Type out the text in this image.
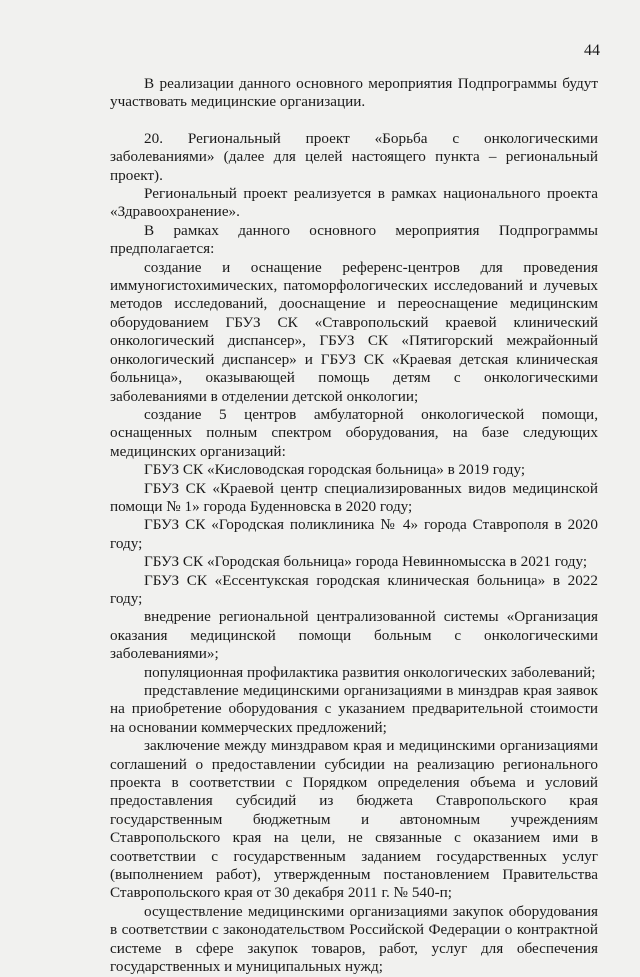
44

В реализации данного основного мероприятия Подпрограммы будут участвовать медицинские организации.

20. Региональный проект «Борьба с онкологическими заболеваниями» (далее для целей настоящего пункта – региональный проект).

Региональный проект реализуется в рамках национального проекта «Здравоохранение».

В рамках данного основного мероприятия Подпрограммы предполагается:

создание и оснащение референс-центров для проведения иммуногистохимических, патоморфологических исследований и лучевых методов исследований, дооснащение и переоснащение медицинским оборудованием ГБУЗ СК «Ставропольский краевой клинический онкологический диспансер», ГБУЗ СК «Пятигорский межрайонный онкологический диспансер» и ГБУЗ СК «Краевая детская клиническая больница», оказывающей помощь детям с онкологическими заболеваниями в отделении детской онкологии;

создание 5 центров амбулаторной онкологической помощи, оснащенных полным спектром оборудования, на базе следующих медицинских организаций:

ГБУЗ СК «Кисловодская городская больница» в 2019 году;

ГБУЗ СК «Краевой центр специализированных видов медицинской помощи № 1» города Буденновска в 2020 году;

ГБУЗ СК «Городская поликлиника № 4» города Ставрополя в 2020 году;

ГБУЗ СК «Городская больница» города Невинномысска в 2021 году;

ГБУЗ СК «Ессентукская городская клиническая больница» в 2022 году;

внедрение региональной централизованной системы «Организация оказания медицинской помощи больным с онкологическими заболеваниями»;

популяционная профилактика развития онкологических заболеваний;

представление медицинскими организациями в минздрав края заявок на приобретение оборудования с указанием предварительной стоимости на основании коммерческих предложений;

заключение между минздравом края и медицинскими организациями соглашений о предоставлении субсидии на реализацию регионального проекта в соответствии с Порядком определения объема и условий предоставления субсидий из бюджета Ставропольского края государственным бюджетным и автономным учреждениям Ставропольского края на цели, не связанные с оказанием ими в соответствии с государственным заданием государственных услуг (выполнением работ), утвержденным постановлением Правительства Ставропольского края от 30 декабря 2011 г. № 540-п;

осуществление медицинскими организациями закупок оборудования в соответствии с законодательством Российской Федерации о контрактной системе в сфере закупок товаров, работ, услуг для обеспечения государственных и муниципальных нужд;
